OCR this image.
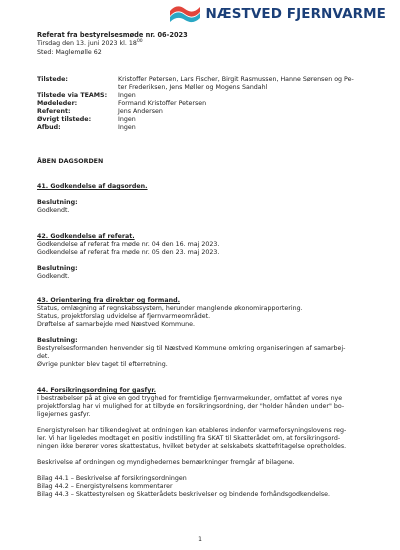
NÆSTVED FJERNVARME
Referat fra bestyrelsesmøde nr. 06-2023
Tirsdag den 13. juni 2023 kl. $18^{00}$
Sted: Maglemølle 62
Tilstede:	Kristoffer Petersen, Lars Fischer, Birgit Rasmussen, Hanne Sørensen og Pe-
ter Frederiksen, Jens Møller og Mogens Sandahl
Tilstede via TEAMS: Ingen
Mødeleder:	Formand Kristoffer Petersen
Referent:	Jens Andersen
Øvrigt tilstede:	Ingen
Afbud:	Ingen
ÅBEN DAGSORDEN
41. Godkendelse af dagsorden.
Beslutning:
Godkendt.
42. Godkendelse af referat.
Godkendelse af referat fra møde nr. 04 den 16. maj 2023.
Godkendelse af referat fra møde nr. 05 den 23. maj 2023.
Beslutning:
Godkendt.
43. Orientering fra direktør og formand.
Status, omlægning af regnskabssystem, herunder manglende økonomirapportering.
Status, projektforslag udvidelse af fjernvarmeområdet.
Drøftelse af samarbejde med Næstved Kommune.
Beslutning:
Bestyrelsesformanden henvender sig til Næstved Kommune omkring organiseringen af samarbej-
det.
Øvrige punkter blev taget til efterretning.
44. Forsikringsordning for gasfyr.
I bestræbelser på at give en god tryghed for fremtidige fjernvarmekunder, omfattet af vores nye
projektforslag har vi mulighed for at tilbyde en forsikringsordning, der "holder hånden under" bo-
ligejernes gasfyr.
Energistyrelsen har tilkendegivet at ordningen kan etableres indenfor varmeforsyningslovens reg-
ler. Vi har ligeledes modtaget en positiv indstilling fra SKAT til Skatterådet om, at forsikringsord-
ningen ikke berører vores skattestatus, hvilket betyder at selskabets skattefritagelse opretholdes.
Beskrivelse af ordningen og myndighedernes bemærkninger fremgår af bilagene.
Bilag 44.1 – Beskrivelse af forsikringsordningen
Bilag 44.2 – Energistyrelsens kommentarer
Bilag 44.3 – Skattestyrelsen og Skatterådets beskrivelser og bindende forhåndsgodkendelse.
1
